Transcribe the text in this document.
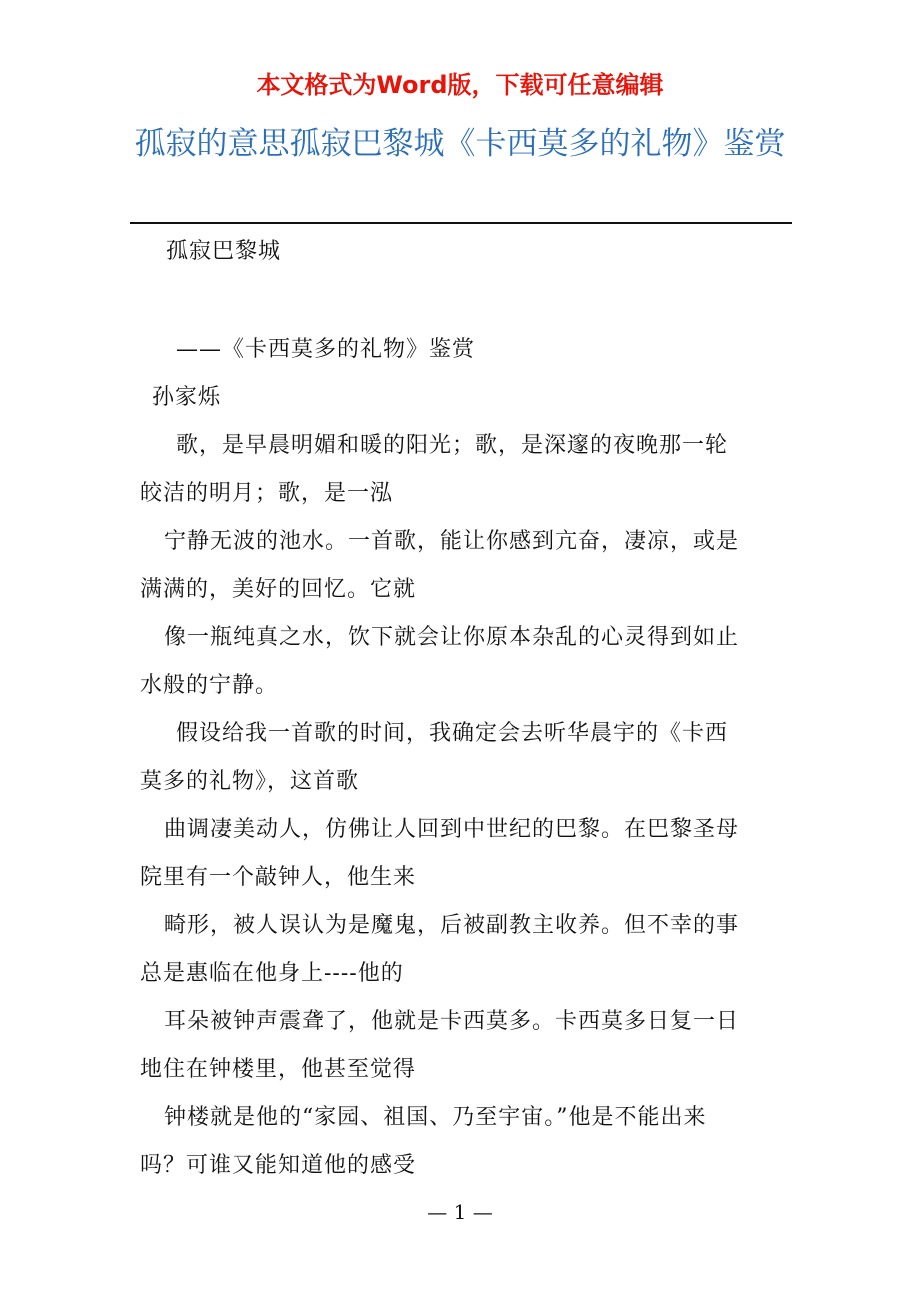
本文格式为Word版，下载可任意编辑
孤寂的意思孤寂巴黎城《卡西莫多的礼物》鉴赏
孤寂巴黎城
——《卡西莫多的礼物》鉴赏
孙家烁
歌，是早晨明媚和暖的阳光；歌，是深邃的夜晚那一轮
皎洁的明月；歌，是一泓
宁静无波的池水。一首歌，能让你感到亢奋，凄凉，或是
满满的，美好的回忆。它就
像一瓶纯真之水，饮下就会让你原本杂乱的心灵得到如止
水般的宁静。
假设给我一首歌的时间，我确定会去听华晨宇的《卡西
莫多的礼物》，这首歌
曲调凄美动人，仿佛让人回到中世纪的巴黎。在巴黎圣母
院里有一个敲钟人，他生来
畸形，被人误认为是魔鬼，后被副教主收养。但不幸的事
总是惠临在他身上----他的
耳朵被钟声震聋了，他就是卡西莫多。卡西莫多日复一日
地住在钟楼里，他甚至觉得
钟楼就是他的“家园、祖国、乃至宇宙。”他是不能出来
吗？可谁又能知道他的感受
— 1 —
